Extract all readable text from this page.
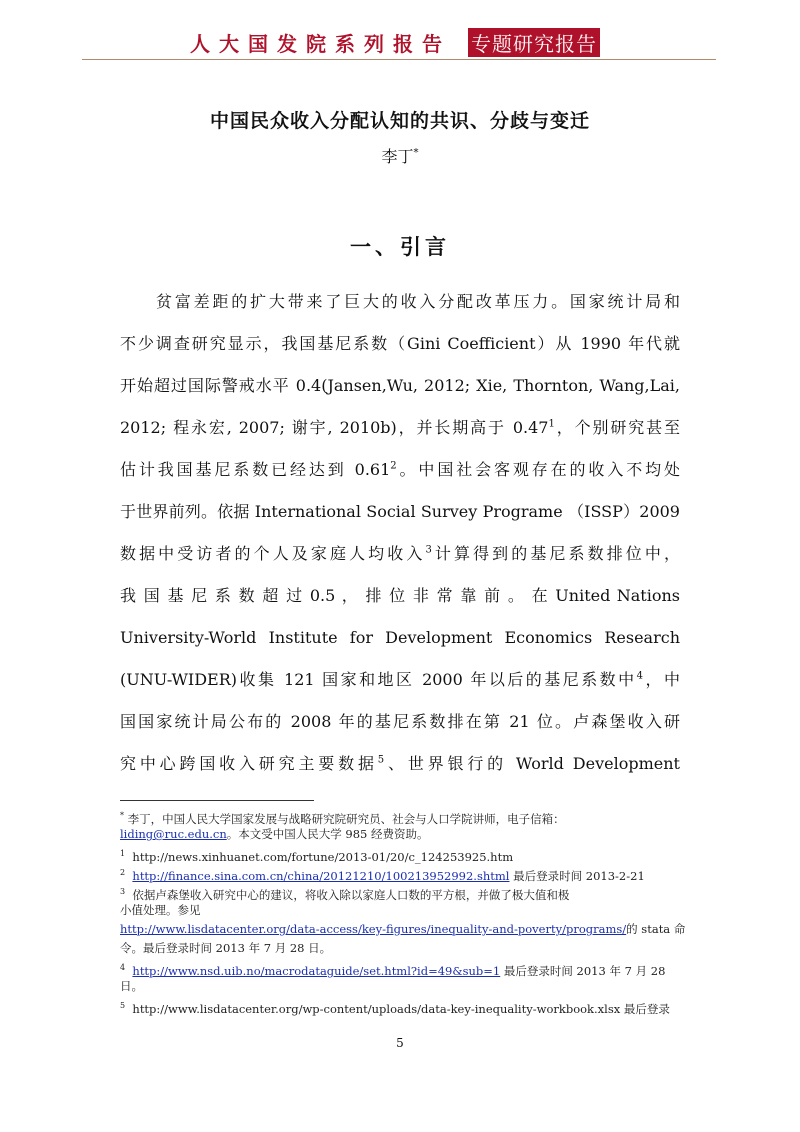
人大国发院系列报告 专题研究报告
中国民众收入分配认知的共识、分歧与变迁
李丁*
一、引言
贫富差距的扩大带来了巨大的收入分配改革压力。国家统计局和
不少调查研究显示，我国基尼系数（Gini Coefficient）从 1990 年代就
开始超过国际警戒水平 0.4(Jansen,Wu, 2012; Xie, Thornton, Wang,Lai,
2012; 程永宏, 2007; 谢宇, 2010b)，并长期高于 0.47$^1$，个别研究甚至
估计我国基尼系数已经达到 0.61$^2$。中国社会客观存在的收入不均处
于世界前列。依据 International Social Survey Programe （ISSP）2009
数据中受访者的个人及家庭人均收入$^3$计算得到的基尼系数排位中，
我 国 基 尼 系 数 超 过 0.5 ， 排 位 非 常 靠 前 。 在 United Nations
University-World Institute for Development Economics Research
(UNU-WIDER)收集 121 国家和地区 2000 年以后的基尼系数中$^4$，中
国国家统计局公布的 2008 年的基尼系数排在第 21 位。卢森堡收入研
究中心跨国收入研究主要数据$^5$、世界银行的 World Development
* 李丁，中国人民大学国家发展与战略研究院研究员、社会与人口学院讲师，电子信箱：
liding@ruc.edu.cn。本文受中国人民大学 985 经费资助。
$^1$ http://news.xinhuanet.com/fortune/2013-01/20/c_124253925.htm
$^2$ http://finance.sina.com.cn/china/20121210/100213952992.shtml 最后登录时间 2013-2-21
$^3$ 依据卢森堡收入研究中心的建议，将收入除以家庭人口数的平方根，并做了极大值和极
小值处理。参见
http://www.lisdatacenter.org/data-access/key-figures/inequality-and-poverty/programs/的 stata 命
令。最后登录时间 2013 年 7 月 28 日。
$^4$ http://www.nsd.uib.no/macrodataguide/set.html?id=49&sub=1 最后登录时间 2013 年 7 月 28
日。
$^5$ http://www.lisdatacenter.org/wp-content/uploads/data-key-inequality-workbook.xlsx 最后登录
5
